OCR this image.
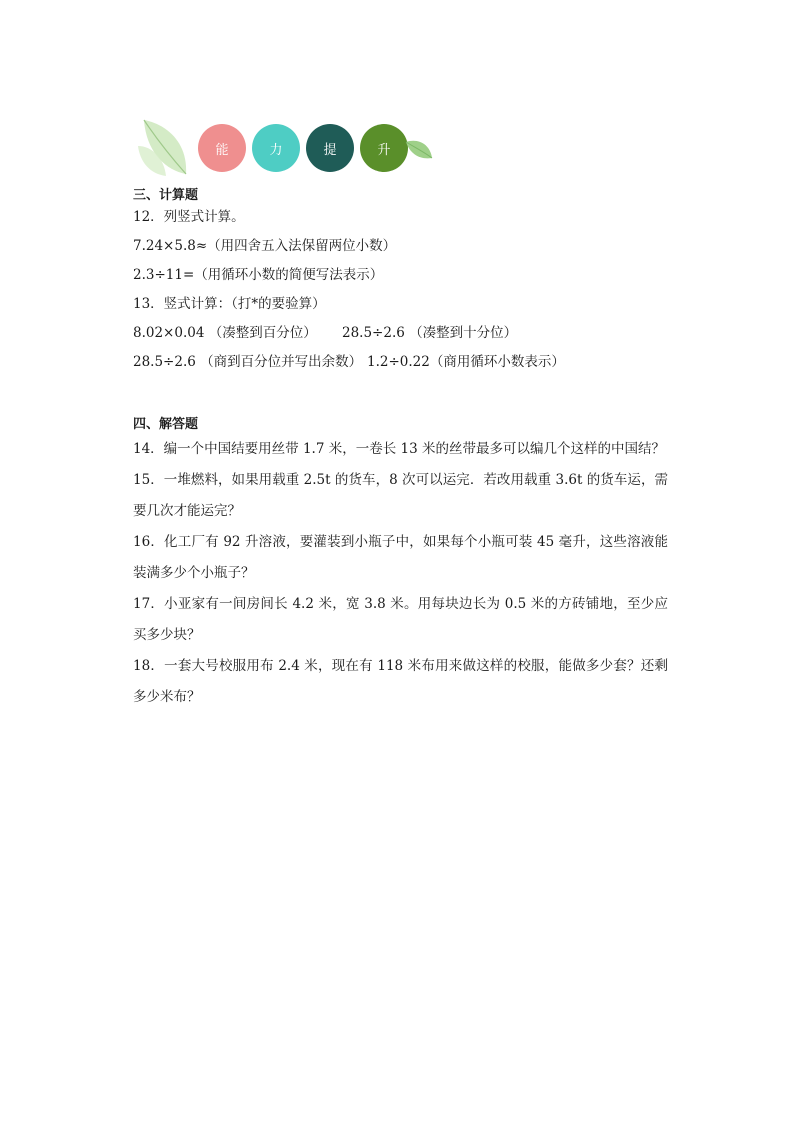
能	力	提	升

三、计算题

12．列竖式计算。

7.24×5.8≈（用四舍五入法保留两位小数）

2.3÷11=（用循环小数的简便写法表示）

13．竖式计算：（打*的要验算）

8.02×0.04 （凑整到百分位）	28.5÷2.6 （凑整到十分位）

28.5÷2.6 （商到百分位并写出余数） 1.2÷0.22（商用循环小数表示）

四、解答题

14．编一个中国结要用丝带 1.7 米，一卷长 13 米的丝带最多可以编几个这样的中国结？

15．一堆燃料，如果用载重 2.5t 的货车，8 次可以运完．若改用载重 3.6t 的货车运，需要几次才能运完？

16．化工厂有 92 升溶液，要灌装到小瓶子中，如果每个小瓶可装 45 毫升，这些溶液能装满多少个小瓶子？

17．小亚家有一间房间长 4.2 米，宽 3.8 米。用每块边长为 0.5 米的方砖铺地，至少应买多少块？

18．一套大号校服用布 2.4 米，现在有 118 米布用来做这样的校服，能做多少套？还剩多少米布？
